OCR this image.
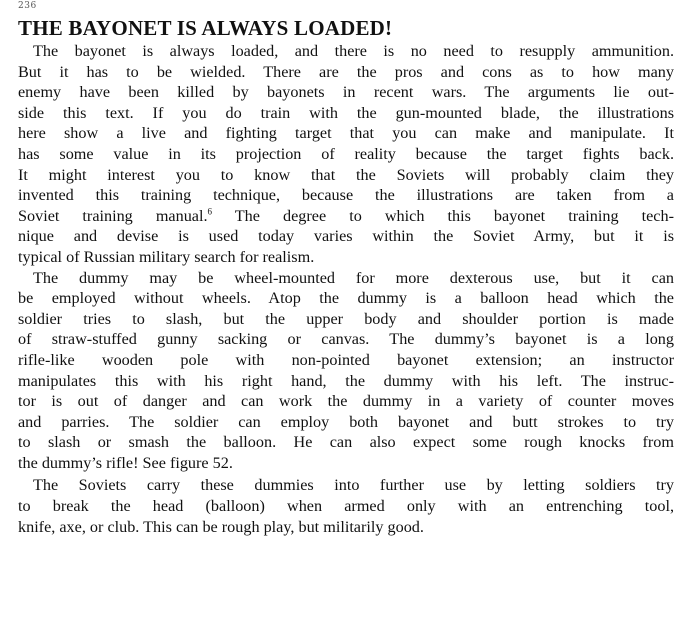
236
THE BAYONET IS ALWAYS LOADED!
The bayonet is always loaded, and there is no need to resupply ammunition.
But it has to be wielded. There are the pros and cons as to how many
enemy have been killed by bayonets in recent wars. The arguments lie out-
side this text. If you do train with the gun-mounted blade, the illustrations
here show a live and fighting target that you can make and manipulate. It
has some value in its projection of reality because the target fights back.
It might interest you to know that the Soviets will probably claim they
invented this training technique, because the illustrations are taken from a
Soviet training manual.$^6$ The degree to which this bayonet training tech-
nique and devise is used today varies within the Soviet Army, but it is
typical of Russian military search for realism.
The dummy may be wheel-mounted for more dexterous use, but it can
be employed without wheels. Atop the dummy is a balloon head which the
soldier tries to slash, but the upper body and shoulder portion is made
of straw-stuffed gunny sacking or canvas. The dummy’s bayonet is a long
rifle-like wooden pole with non-pointed bayonet extension; an instructor
manipulates this with his right hand, the dummy with his left. The instruc-
tor is out of danger and can work the dummy in a variety of counter moves
and parries. The soldier can employ both bayonet and butt strokes to try
to slash or smash the balloon. He can also expect some rough knocks from
the dummy’s rifle! See figure 52.
The Soviets carry these dummies into further use by letting soldiers try
to break the head (balloon) when armed only with an entrenching tool,
knife, axe, or club. This can be rough play, but militarily good.
